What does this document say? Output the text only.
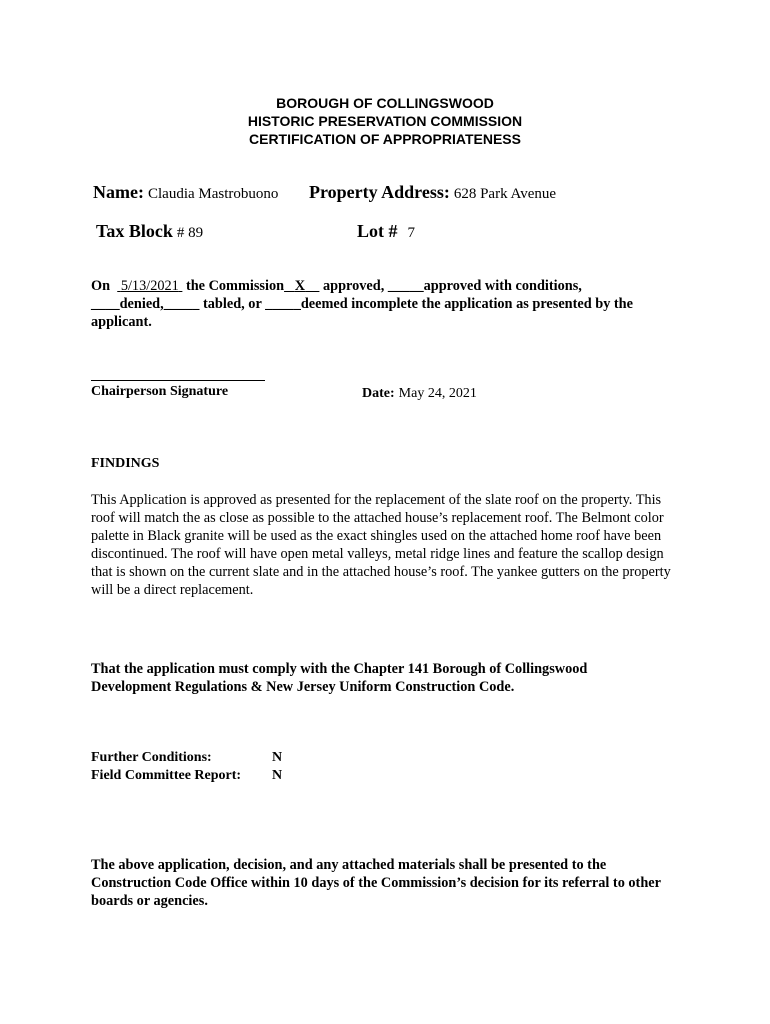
BOROUGH OF COLLINGSWOOD
HISTORIC PRESERVATION COMMISSION
CERTIFICATION OF APPROPRIATENESS
Name: Claudia Mastrobuono Property Address: 628 Park Avenue
Tax Block # 89	Lot # 7
On 5/13/2021  the Commission X     approved, _____approved with conditions,
____denied,_____ tabled, or _____deemed incomplete the application as presented by the applicant.
Chairperson Signature	Date: May 24, 2021
FINDINGS
This Application is approved as presented for the replacement of the slate roof on the property. This roof will match the as close as possible to the attached house’s replacement roof. The Belmont color palette in Black granite will be used as the exact shingles used on the attached home roof have been discontinued. The roof will have open metal valleys, metal ridge lines and feature the scallop design that is shown on the current slate and in the attached house’s roof. The yankee gutters on the property will be a direct replacement.
That the application must comply with the Chapter 141 Borough of Collingswood Development Regulations & New Jersey Uniform Construction Code.
Further Conditions:	N
Field Committee Report: N
The above application, decision, and any attached materials shall be presented to the Construction Code Office within 10 days of the Commission’s decision for its referral to other boards or agencies.
